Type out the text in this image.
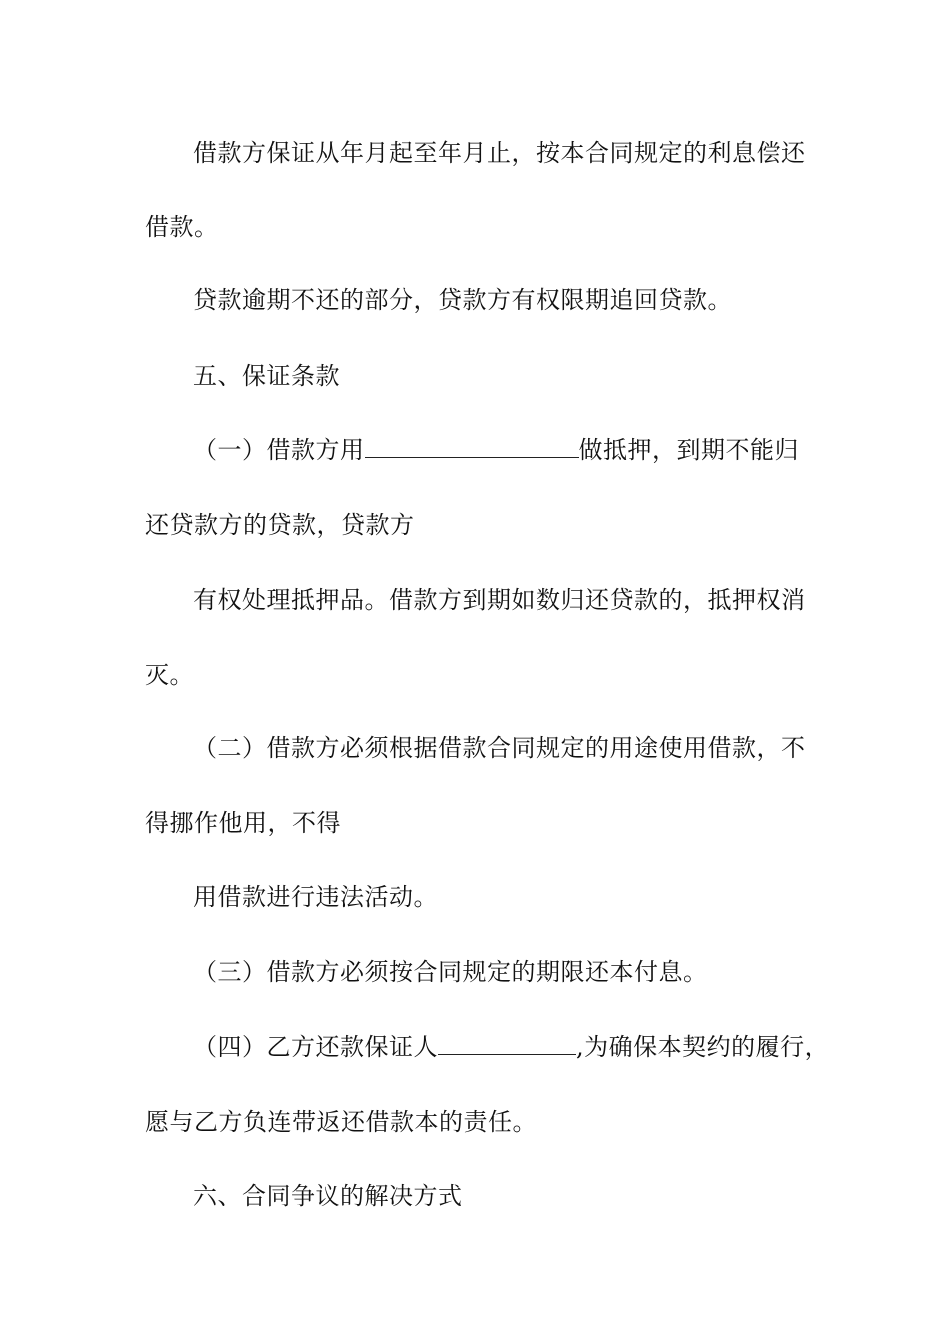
借款方保证从年月起至年月止，按本合同规定的利息偿还
借款。
贷款逾期不还的部分，贷款方有权限期追回贷款。
五、保证条款
（一）借款方用	做抵押，到期不能归
还贷款方的贷款，贷款方
有权处理抵押品。借款方到期如数归还贷款的，抵押权消
灭。
（二）借款方必须根据借款合同规定的用途使用借款，不
得挪作他用，不得
用借款进行违法活动。
（三）借款方必须按合同规定的期限还本付息。
（四）乙方还款保证人	,为确保本契约的履行，
愿与乙方负连带返还借款本的责任。
六、合同争议的解决方式
